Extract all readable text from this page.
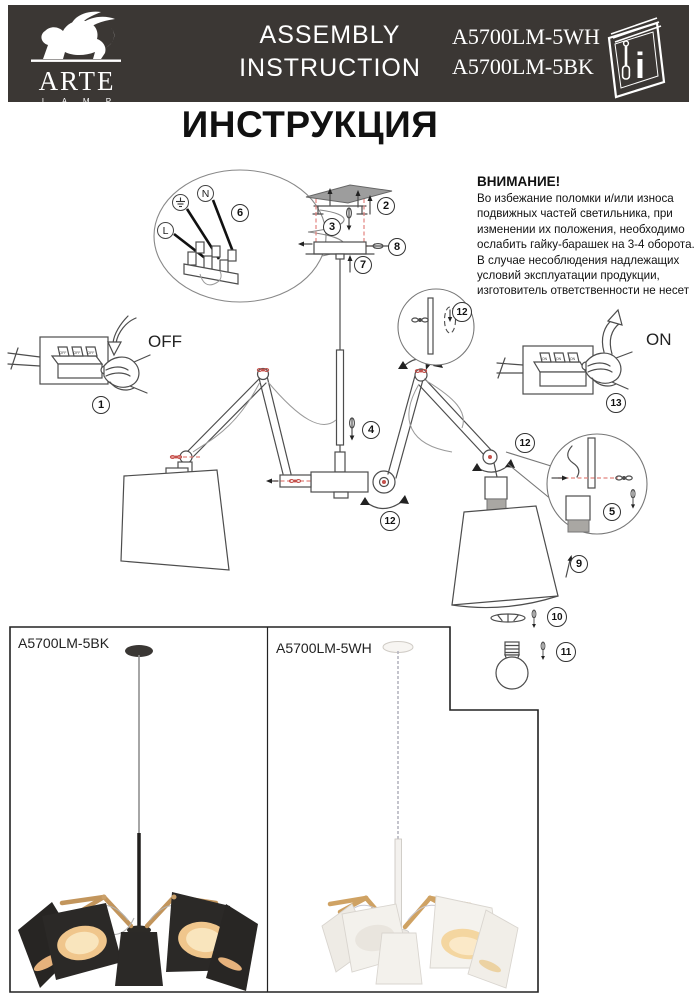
ARTE
L A M P
ASSEMBLY
INSTRUCTION
A5700LM-5WH
A5700LM-5BK	i
ИНСТРУКЦИЯ
ВНИМАНИЕ!
Во избежание поломки и/или износа подвижных частей светильника, при изменении их положения, необходимо ослабить гайку-барашек на 3-4 оборота. В случае несоблюдения надлежащих условий эксплуатации продукции, изготовитель ответственности не несет
OFF OFF OFF
ON	ON	ON
OFF	ON
L
N
1
2
3
4
5
6
7
8
9
10
11
12
12
12
13
A5700LM-5BK	A5700LM-5WH
